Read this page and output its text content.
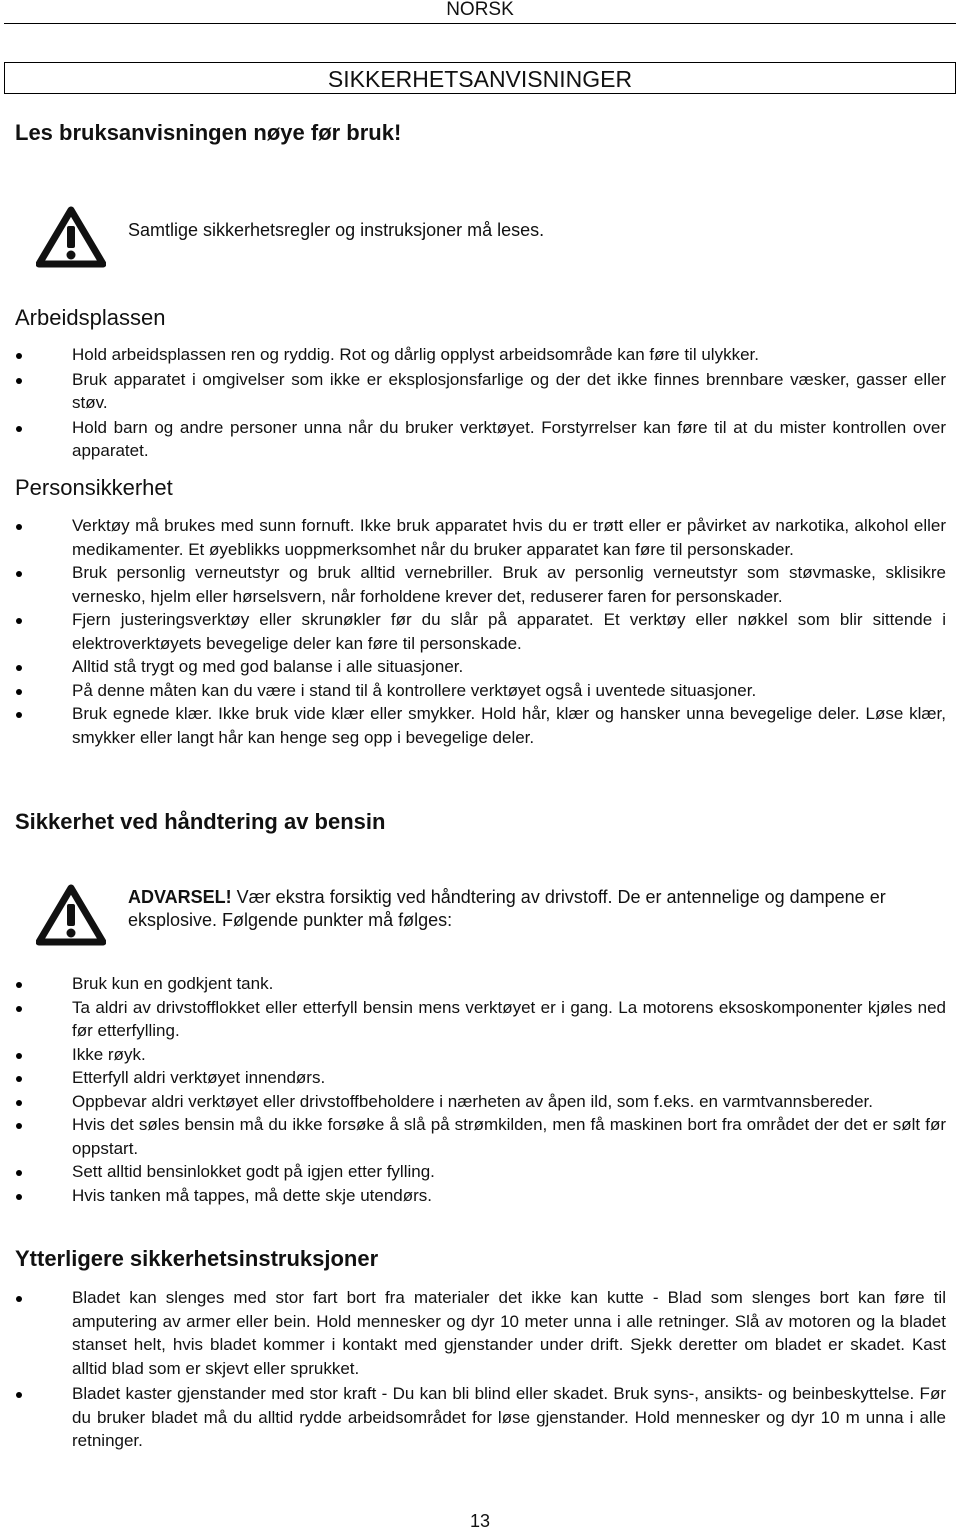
NORSK
SIKKERHETSANVISNINGER
Les bruksanvisningen nøye før bruk!
Samtlige sikkerhetsregler og instruksjoner må leses.
Arbeidsplassen
Hold arbeidsplassen ren og ryddig. Rot og dårlig opplyst arbeidsområde kan føre til ulykker.
Bruk apparatet i omgivelser som ikke er eksplosjonsfarlige og der det ikke finnes brennbare væsker, gasser eller støv.
Hold barn og andre personer unna når du bruker verktøyet. Forstyrrelser kan føre til at du mister kontrollen over apparatet.
Personsikkerhet
Verktøy må brukes med sunn fornuft. Ikke bruk apparatet hvis du er trøtt eller er påvirket av narkotika, alkohol eller medikamenter. Et øyeblikks uoppmerksomhet når du bruker apparatet kan føre til personskader.
Bruk personlig verneutstyr og bruk alltid vernebriller. Bruk av personlig verneutstyr som støvmaske, sklisikre vernesko, hjelm eller hørselsvern, når forholdene krever det, reduserer faren for personskader.
Fjern justeringsverktøy eller skrunøkler før du slår på apparatet. Et verktøy eller nøkkel som blir sittende i elektroverktøyets bevegelige deler kan føre til personskade.
Alltid stå trygt og med god balanse i alle situasjoner.
På denne måten kan du være i stand til å kontrollere verktøyet også i uventede situasjoner.
Bruk egnede klær. Ikke bruk vide klær eller smykker. Hold hår, klær og hansker unna bevegelige deler. Løse klær, smykker eller langt hår kan henge seg opp i bevegelige deler.
Sikkerhet ved håndtering av bensin
ADVARSEL! Vær ekstra forsiktig ved håndtering av drivstoff. De er antennelige og dampene er eksplosive. Følgende punkter må følges:
Bruk kun en godkjent tank.
Ta aldri av drivstofflokket eller etterfyll bensin mens verktøyet er i gang. La motorens eksoskomponenter kjøles ned før etterfylling.
Ikke røyk.
Etterfyll aldri verktøyet innendørs.
Oppbevar aldri verktøyet eller drivstoffbeholdere i nærheten av åpen ild, som f.eks. en varmtvannsbereder.
Hvis det søles bensin må du ikke forsøke å slå på strømkilden, men få maskinen bort fra området der det er sølt før oppstart.
Sett alltid bensinlokket godt på igjen etter fylling.
Hvis tanken må tappes, må dette skje utendørs.
Ytterligere sikkerhetsinstruksjoner
Bladet kan slenges med stor fart bort fra materialer det ikke kan kutte - Blad som slenges bort kan føre til amputering av armer eller bein. Hold mennesker og dyr 10 meter unna i alle retninger. Slå av motoren og la bladet stanset helt, hvis bladet kommer i kontakt med gjenstander under drift. Sjekk deretter om bladet er skadet. Kast alltid blad som er skjevt eller sprukket.
Bladet kaster gjenstander med stor kraft - Du kan bli blind eller skadet. Bruk syns-, ansikts- og beinbeskyttelse. Før du bruker bladet må du alltid rydde arbeidsområdet for løse gjenstander. Hold mennesker og dyr 10 m unna i alle retninger.
13
